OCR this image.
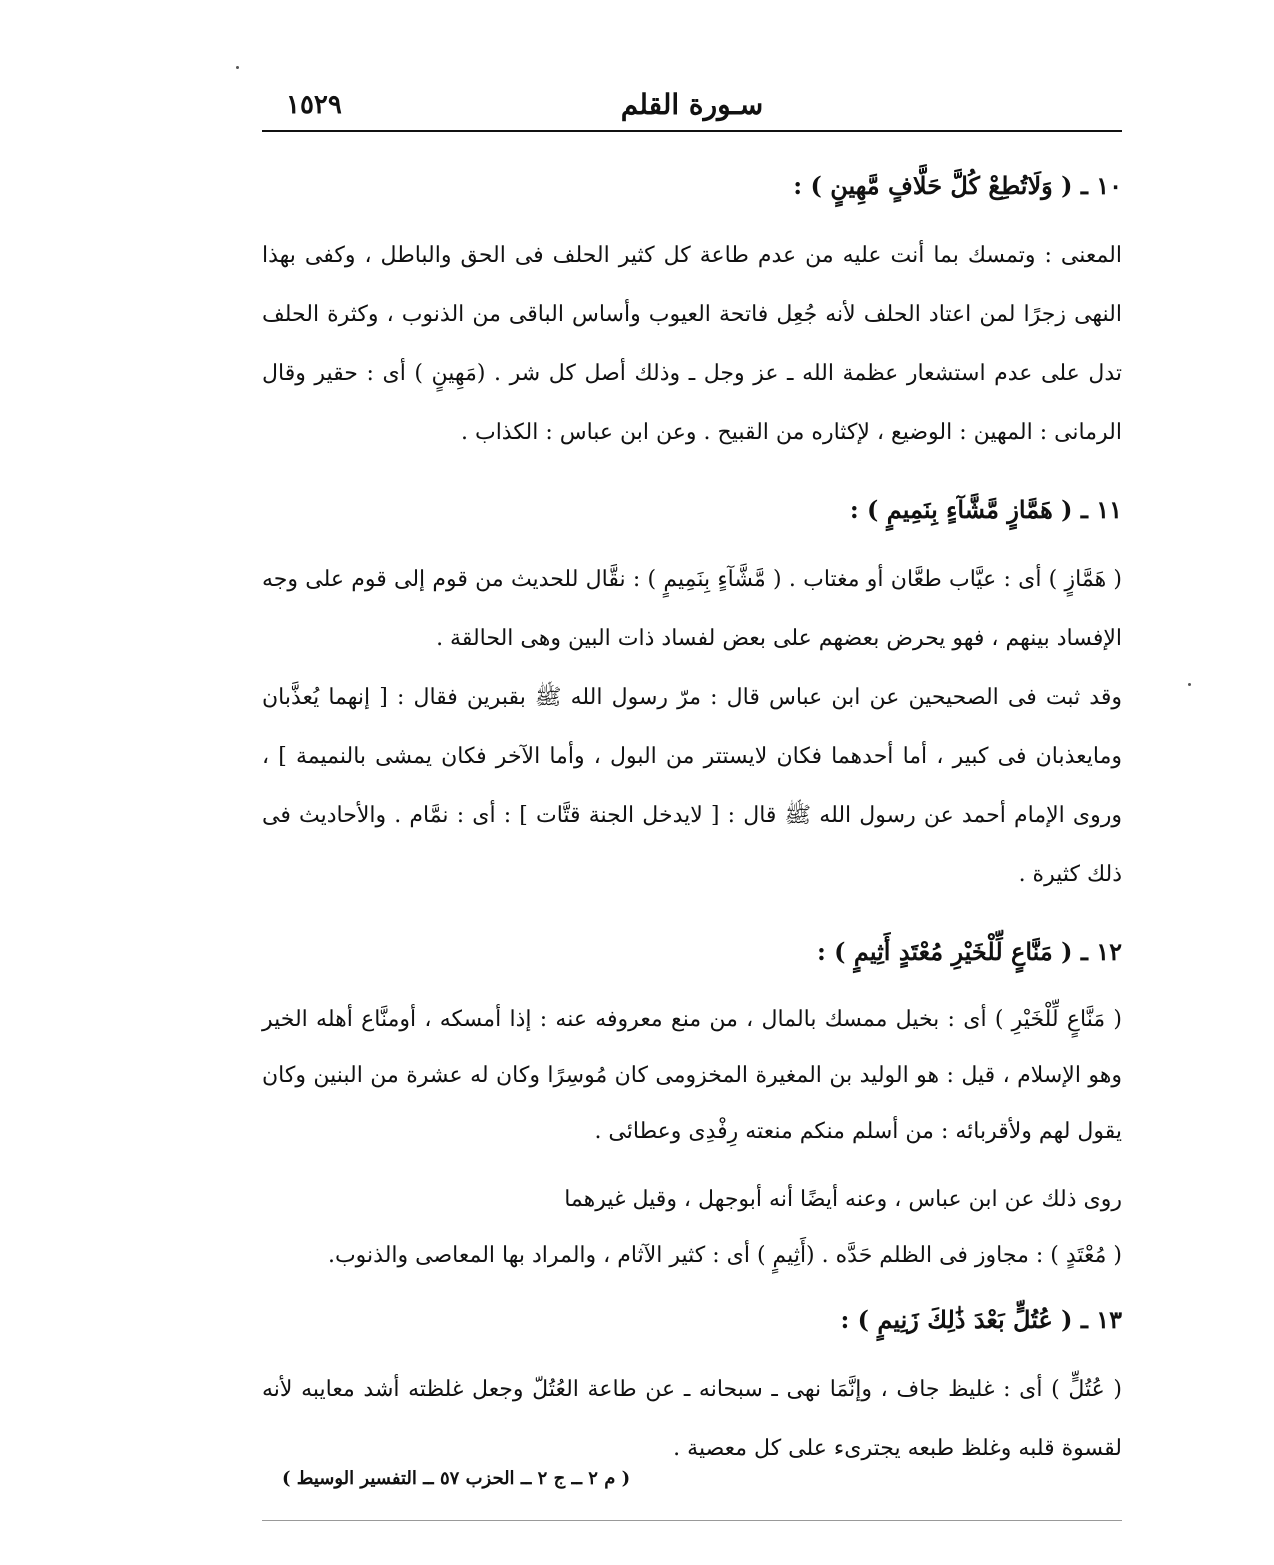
١٥٢٩	سـورة القلم
١٠ ـ ( وَلَاتُطِعْ كُلَّ حَلَّافٍ مَّهِينٍ ) :

المعنى : وتمسك بما أنت عليه من عدم طاعة كل كثير الحلف فى الحق والباطل ، وكفى بهذا النهى زجرًا لمن اعتاد الحلف لأنه جُعِل فاتحة العيوب وأساس الباقى من الذنوب ، وكثرة الحلف تدل على عدم استشعار عظمة الله ـ عز وجل ـ وذلك أصل كل شر . (مَهِينٍ ) أى : حقير وقال الرمانى : المهين : الوضيع ، لإكثاره من القبيح . وعن ابن عباس : الكذاب .

١١ ـ ( هَمَّازٍ مَّشَّآءٍ بِنَمِيمٍ ) :

( هَمَّازٍ ) أى : عيَّاب طعَّان أو مغتاب . ( مَّشَّآءٍ بِنَمِيمٍ ) : نقَّال للحديث من قوم إلى قوم على وجه الإفساد بينهم ، فهو يحرض بعضهم على بعض لفساد ذات البين وهى الحالقة .

وقد ثبت فى الصحيحين عن ابن عباس قال : مرّ رسول الله ﷺ بقبرين فقال : [ إنهما يُعذَّبان ومايعذبان فى كبير ، أما أحدهما فكان لايستتر من البول ، وأما الآخر فكان يمشى بالنميمة ] ، وروى الإمام أحمد عن رسول الله ﷺ قال : [ لايدخل الجنة قتَّات ] : أى : نمَّام . والأحاديث فى ذلك كثيرة .

١٢ ـ ( مَنَّاعٍ لِّلْخَيْرِ مُعْتَدٍ أَثِيمٍ ) :

( مَنَّاعٍ لِّلْخَيْرِ ) أى : بخيل ممسك بالمال ، من منع معروفه عنه : إذا أمسكه ، أومنَّاع أهله الخير وهو الإسلام ، قيل : هو الوليد بن المغيرة المخزومى كان مُوسِرًا وكان له عشرة من البنين وكان يقول لهم ولأقربائه : من أسلم منكم منعته رِفْدِى وعطائى .

روى ذلك عن ابن عباس ، وعنه أيضًا أنه أبوجهل ، وقيل غيرهما

( مُعْتَدٍ ) : مجاوز فى الظلم حَدَّه . (أَثِيمٍ ) أى : كثير الآثام ، والمراد بها المعاصى والذنوب.

١٣ ـ ( عُتُلٍّ بَعْدَ ذَٰلِكَ زَنِيمٍ ) :

( عُتُلٍّ ) أى : غليظ جاف ، وإنَّمَا نهى ـ سبحانه ـ عن طاعة العُتُلّ وجعل غلظته أشد معايبه لأنه لقسوة قلبه وغلظ طبعه يجترىء على كل معصية .

( م ٢ ــ ج ٢ ــ الحزب ٥٧ ــ التفسير الوسيط )
